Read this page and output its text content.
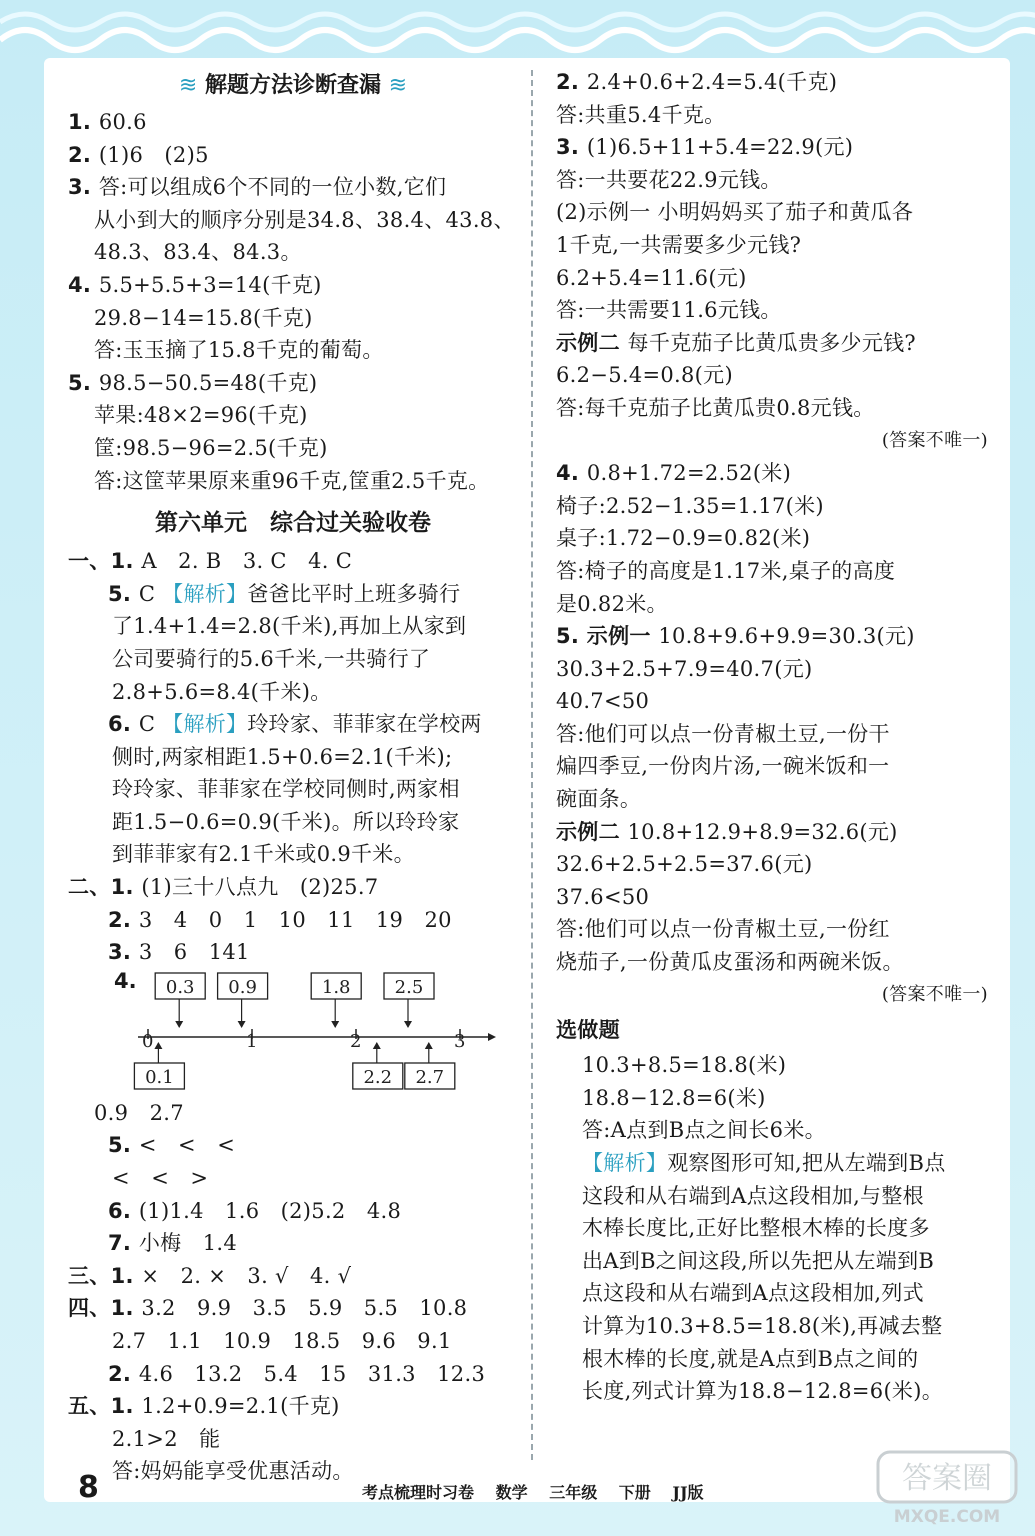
≋ 解题方法诊断查漏 ≋
1. 60.6
2. (1)6　(2)5
3. 答:可以组成6个不同的一位小数,它们
从小到大的顺序分别是34.8、38.4、43.8、
48.3、83.4、84.3。
4. 5.5+5.5+3=14(千克)
29.8−14=15.8(千克)
答:玉玉摘了15.8千克的葡萄。
5. 98.5−50.5=48(千克)
苹果:48×2=96(千克)
筐:98.5−96=2.5(千克)
答:这筐苹果原来重96千克,筐重2.5千克。
第六单元　综合过关验收卷
一、1. A　2. B　3. C　4. C
5. C 【解析】爸爸比平时上班多骑行
了1.4+1.4=2.8(千米),再加上从家到
公司要骑行的5.6千米,一共骑行了
2.8+5.6=8.4(千米)。
6. C 【解析】玲玲家、菲菲家在学校两
侧时,两家相距1.5+0.6=2.1(千米);
玲玲家、菲菲家在学校同侧时,两家相
距1.5−0.6=0.9(千米)。所以玲玲家
到菲菲家有2.1千米或0.9千米。
二、1. (1)三十八点九　(2)25.7
2. 3　4　0　1　10　11　19　20
3. 3　6　141
4.
0	1	2	3
0.3 0.9	1.8 2.5
0.1	2.2 2.7
0.9　2.7
5. <　<　<
<　<　>
6. (1)1.4　1.6　(2)5.2　4.8
7. 小梅　1.4
三、1. ×　2. ×　3. √　4. √
四、1. 3.2　9.9　3.5　5.9　5.5　10.8
2.7　1.1　10.9　18.5　9.6　9.1
2. 4.6　13.2　5.4　15　31.3　12.3
五、1. 1.2+0.9=2.1(千克)
2.1>2　能
答:妈妈能享受优惠活动。
2. 2.4+0.6+2.4=5.4(千克)
答:共重5.4千克。
3. (1)6.5+11+5.4=22.9(元)
答:一共要花22.9元钱。
(2)示例一 小明妈妈买了茄子和黄瓜各
1千克,一共需要多少元钱?
6.2+5.4=11.6(元)
答:一共需要11.6元钱。
示例二 每千克茄子比黄瓜贵多少元钱?
6.2−5.4=0.8(元)
答:每千克茄子比黄瓜贵0.8元钱。
(答案不唯一)
4. 0.8+1.72=2.52(米)
椅子:2.52−1.35=1.17(米)
桌子:1.72−0.9=0.82(米)
答:椅子的高度是1.17米,桌子的高度
是0.82米。
5. 示例一 10.8+9.6+9.9=30.3(元)
30.3+2.5+7.9=40.7(元)
40.7<50
答:他们可以点一份青椒土豆,一份干
煸四季豆,一份肉片汤,一碗米饭和一
碗面条。
示例二 10.8+12.9+8.9=32.6(元)
32.6+2.5+2.5=37.6(元)
37.6<50
答:他们可以点一份青椒土豆,一份红
烧茄子,一份黄瓜皮蛋汤和两碗米饭。
(答案不唯一)
选做题
10.3+8.5=18.8(米)
18.8−12.8=6(米)
答:A点到B点之间长6米。
【解析】观察图形可知,把从左端到B点
这段和从右端到A点这段相加,与整根
木棒长度比,正好比整根木棒的长度多
出A到B之间这段,所以先把从左端到B
点这段和从右端到A点这段相加,列式
计算为10.3+8.5=18.8(米),再减去整
根木棒的长度,就是A点到B点之间的
长度,列式计算为18.8−12.8=6(米)。
8	考点梳理时习卷　 数学　 三年级　 下册　 JJ版	答案圈
MXQE.COM
